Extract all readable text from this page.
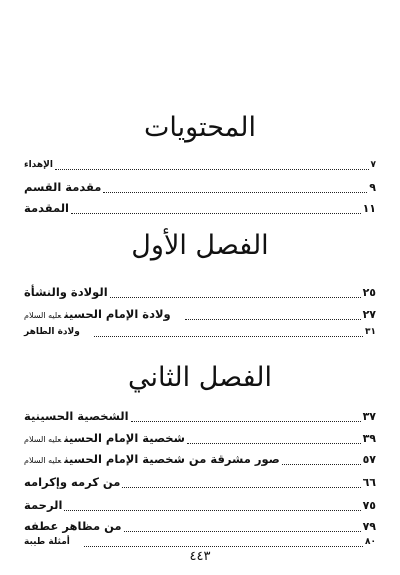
المحتويات
الإهداء	٧
مقدمة القسم	٩
المقدمة	١١
الفصل الأول
الولادة والنشأة	٢٥
ولادة الإمام الحسينعليه السلام	٢٧
ولادة الطاهر	٣١
الفصل الثاني
الشخصية الحسينية	٣٧
شخصية الإمام الحسينعليه السلام	٣٩
صور مشرقة من شخصية الإمام الحسينعليه السلام	٥٧
من كرمه وإكرامه	٦٦
الرحمة	٧٥
من مظاهر عطفه	٧٩
أمثلة طيبة	٨٠
٤٤٣
